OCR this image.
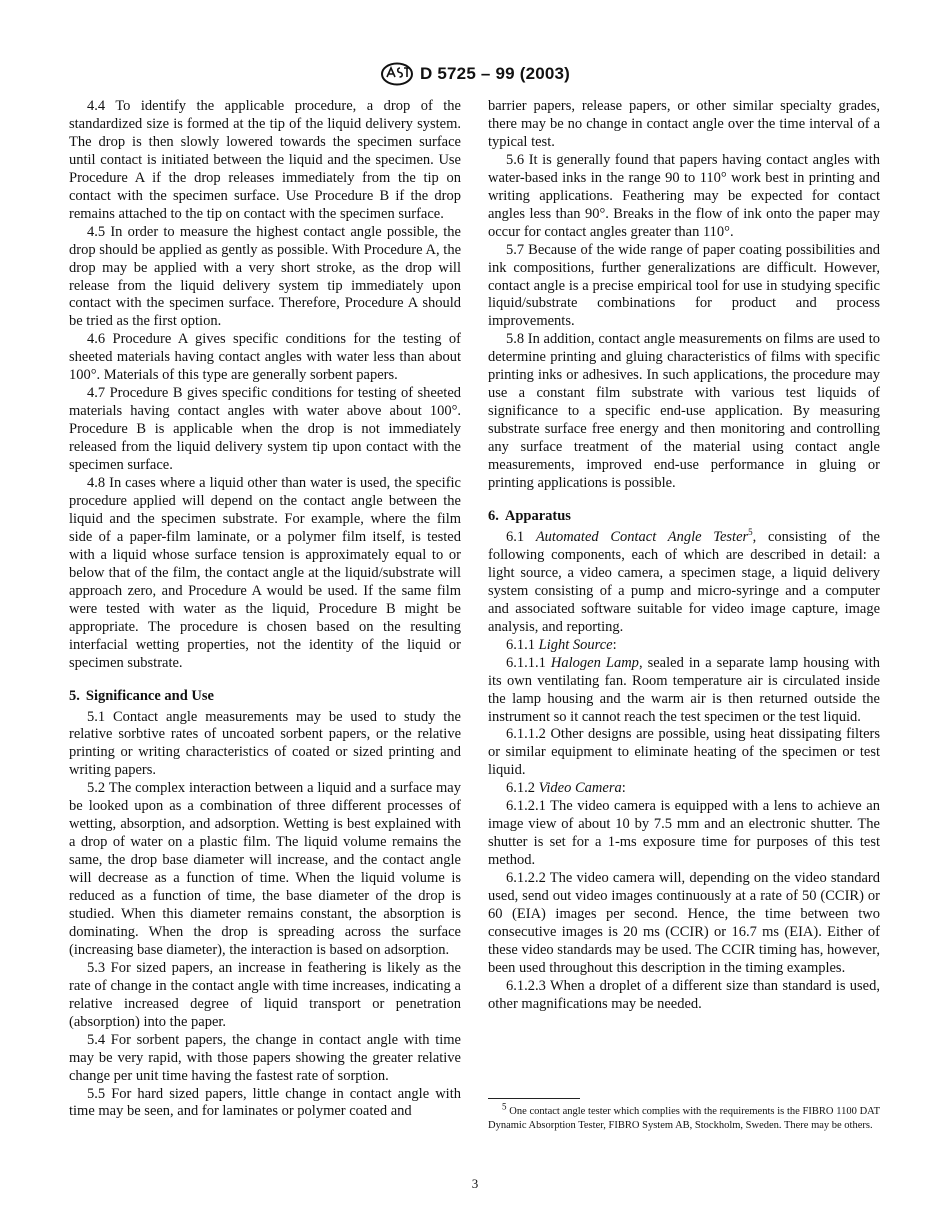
D 5725 – 99 (2003)

4.4 To identify the applicable procedure, a drop of the standardized size is formed at the tip of the liquid delivery system. The drop is then slowly lowered towards the specimen surface until contact is initiated between the liquid and the specimen. Use Procedure A if the drop releases immediately from the tip on contact with the specimen surface. Use Procedure B if the drop remains attached to the tip on contact with the specimen surface.

4.5 In order to measure the highest contact angle possible, the drop should be applied as gently as possible. With Procedure A, the drop may be applied with a very short stroke, as the drop will release from the liquid delivery system tip immediately upon contact with the specimen surface. Therefore, Procedure A should be tried as the first option.

4.6 Procedure A gives specific conditions for the testing of sheeted materials having contact angles with water less than about 100°. Materials of this type are generally sorbent papers.

4.7 Procedure B gives specific conditions for testing of sheeted materials having contact angles with water above about 100°. Procedure B is applicable when the drop is not immediately released from the liquid delivery system tip upon contact with the specimen surface.

4.8 In cases where a liquid other than water is used, the specific procedure applied will depend on the contact angle between the liquid and the specimen substrate. For example, where the film side of a paper-film laminate, or a polymer film itself, is tested with a liquid whose surface tension is approximately equal to or below that of the film, the contact angle at the liquid/substrate will approach zero, and Procedure A would be used. If the same film were tested with water as the liquid, Procedure B might be appropriate. The procedure is chosen based on the resulting interfacial wetting properties, not the identity of the liquid or specimen substrate.

5. Significance and Use

5.1 Contact angle measurements may be used to study the relative sorbtive rates of uncoated sorbent papers, or the relative printing or writing characteristics of coated or sized printing and writing papers.

5.2 The complex interaction between a liquid and a surface may be looked upon as a combination of three different processes of wetting, absorption, and adsorption. Wetting is best explained with a drop of water on a plastic film. The liquid volume remains the same, the drop base diameter will increase, and the contact angle will decrease as a function of time. When the liquid volume is reduced as a function of time, the base diameter of the drop is studied. When this diameter remains constant, the absorption is dominating. When the drop is spreading across the surface (increasing base diameter), the interaction is based on adsorption.

5.3 For sized papers, an increase in feathering is likely as the rate of change in the contact angle with time increases, indicating a relative increased degree of liquid transport or penetration (absorption) into the paper.

5.4 For sorbent papers, the change in contact angle with time may be very rapid, with those papers showing the greater relative change per unit time having the fastest rate of sorption.

5.5 For hard sized papers, little change in contact angle with time may be seen, and for laminates or polymer coated and

barrier papers, release papers, or other similar specialty grades, there may be no change in contact angle over the time interval of a typical test.

5.6 It is generally found that papers having contact angles with water-based inks in the range 90 to 110° work best in printing and writing applications. Feathering may be expected for contact angles less than 90°. Breaks in the flow of ink onto the paper may occur for contact angles greater than 110°.

5.7 Because of the wide range of paper coating possibilities and ink compositions, further generalizations are difficult. However, contact angle is a precise empirical tool for use in studying specific liquid/substrate combinations for product and process improvements.

5.8 In addition, contact angle measurements on films are used to determine printing and gluing characteristics of films with specific printing inks or adhesives. In such applications, the procedure may use a constant film substrate with various test liquids of significance to a specific end-use application. By measuring substrate surface free energy and then monitoring and controlling any surface treatment of the material using contact angle measurements, improved end-use performance in gluing or printing applications is possible.

6. Apparatus

6.1 Automated Contact Angle Tester$^5$, consisting of the following components, each of which are described in detail: a light source, a video camera, a specimen stage, a liquid delivery system consisting of a pump and micro-syringe and a computer and associated software suitable for video image capture, image analysis, and reporting.

6.1.1 Light Source:

6.1.1.1 Halogen Lamp, sealed in a separate lamp housing with its own ventilating fan. Room temperature air is circulated inside the lamp housing and the warm air is then returned outside the instrument so it cannot reach the test specimen or the test liquid.

6.1.1.2 Other designs are possible, using heat dissipating filters or similar equipment to eliminate heating of the specimen or test liquid.

6.1.2 Video Camera:

6.1.2.1 The video camera is equipped with a lens to achieve an image view of about 10 by 7.5 mm and an electronic shutter. The shutter is set for a 1-ms exposure time for purposes of this test method.

6.1.2.2 The video camera will, depending on the video standard used, send out video images continuously at a rate of 50 (CCIR) or 60 (EIA) images per second. Hence, the time between two consecutive images is 20 ms (CCIR) or 16.7 ms (EIA). Either of these video standards may be used. The CCIR timing has, however, been used throughout this description in the timing examples.

6.1.2.3 When a droplet of a different size than standard is used, other magnifications may be needed.

$^5$ One contact angle tester which complies with the requirements is the FIBRO 1100 DAT Dynamic Absorption Tester, FIBRO System AB, Stockholm, Sweden. There may be others.
3
